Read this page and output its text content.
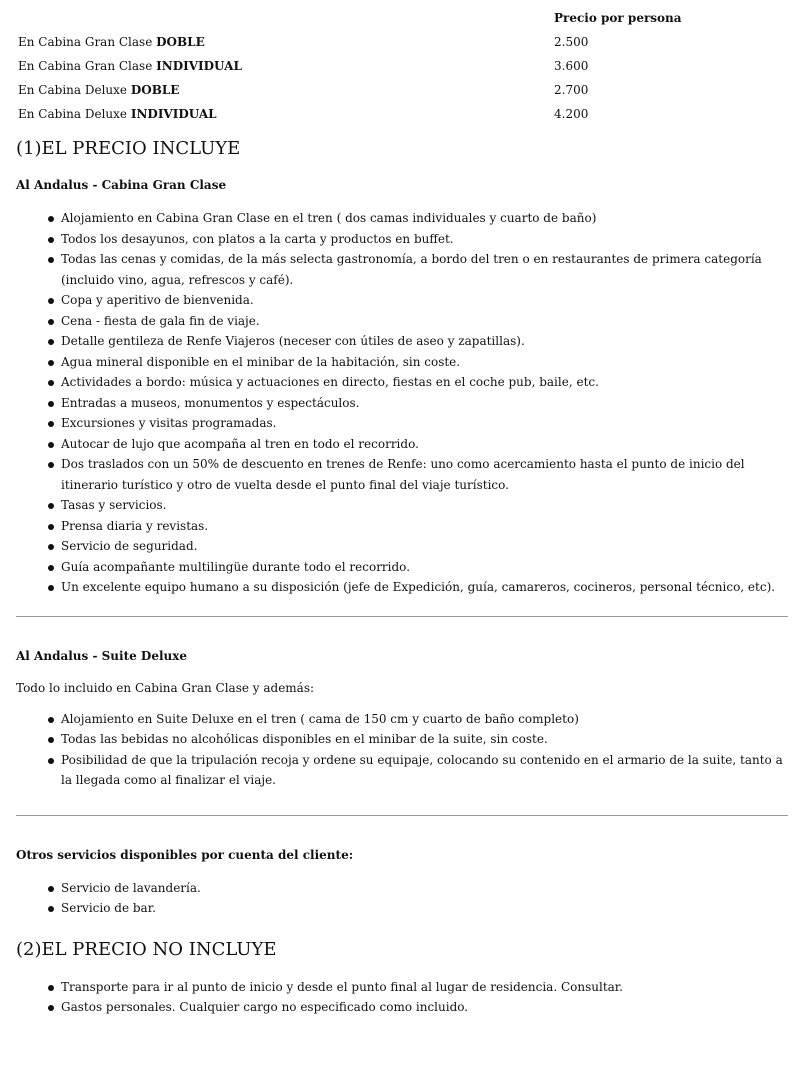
	Precio por persona
En Cabina Gran Clase DOBLE	2.500
En Cabina Gran Clase INDIVIDUAL	3.600
En Cabina Deluxe DOBLE	2.700
En Cabina Deluxe INDIVIDUAL	4.200
(1)EL PRECIO INCLUYE
Al Andalus - Cabina Gran Clase
Alojamiento en Cabina Gran Clase en el tren ( dos camas individuales y cuarto de baño)
Todos los desayunos, con platos a la carta y productos en buffet.
Todas las cenas y comidas, de la más selecta gastronomía, a bordo del tren o en restaurantes de primera categoría (incluido vino, agua, refrescos y café).
Copa y aperitivo de bienvenida.
Cena - fiesta de gala fin de viaje.
Detalle gentileza de Renfe Viajeros (neceser con útiles de aseo y zapatillas).
Agua mineral disponible en el minibar de la habitación, sin coste.
Actividades a bordo: música y actuaciones en directo, fiestas en el coche pub, baile, etc.
Entradas a museos, monumentos y espectáculos.
Excursiones y visitas programadas.
Autocar de lujo que acompaña al tren en todo el recorrido.
Dos traslados con un 50% de descuento en trenes de Renfe: uno como acercamiento hasta el punto de inicio del itinerario turístico y otro de vuelta desde el punto final del viaje turístico.
Tasas y servicios.
Prensa diaria y revistas.
Servicio de seguridad.
Guía acompañante multilingüe durante todo el recorrido.
Un excelente equipo humano a su disposición (jefe de Expedición, guía, camareros, cocineros, personal técnico, etc).
Al Andalus - Suite Deluxe

Todo lo incluido en Cabina Gran Clase y además:

Alojamiento en Suite Deluxe en el tren ( cama de 150 cm y cuarto de baño completo)
Todas las bebidas no alcohólicas disponibles en el minibar de la suite, sin coste.
Posibilidad de que la tripulación recoja y ordene su equipaje, colocando su contenido en el armario de la suite, tanto a la llegada como al finalizar el viaje.
Otros servicios disponibles por cuenta del cliente:
Servicio de lavandería.
Servicio de bar.
(2)EL PRECIO NO INCLUYE
Transporte para ir al punto de inicio y desde el punto final al lugar de residencia. Consultar.
Gastos personales. Cualquier cargo no especificado como incluido.
